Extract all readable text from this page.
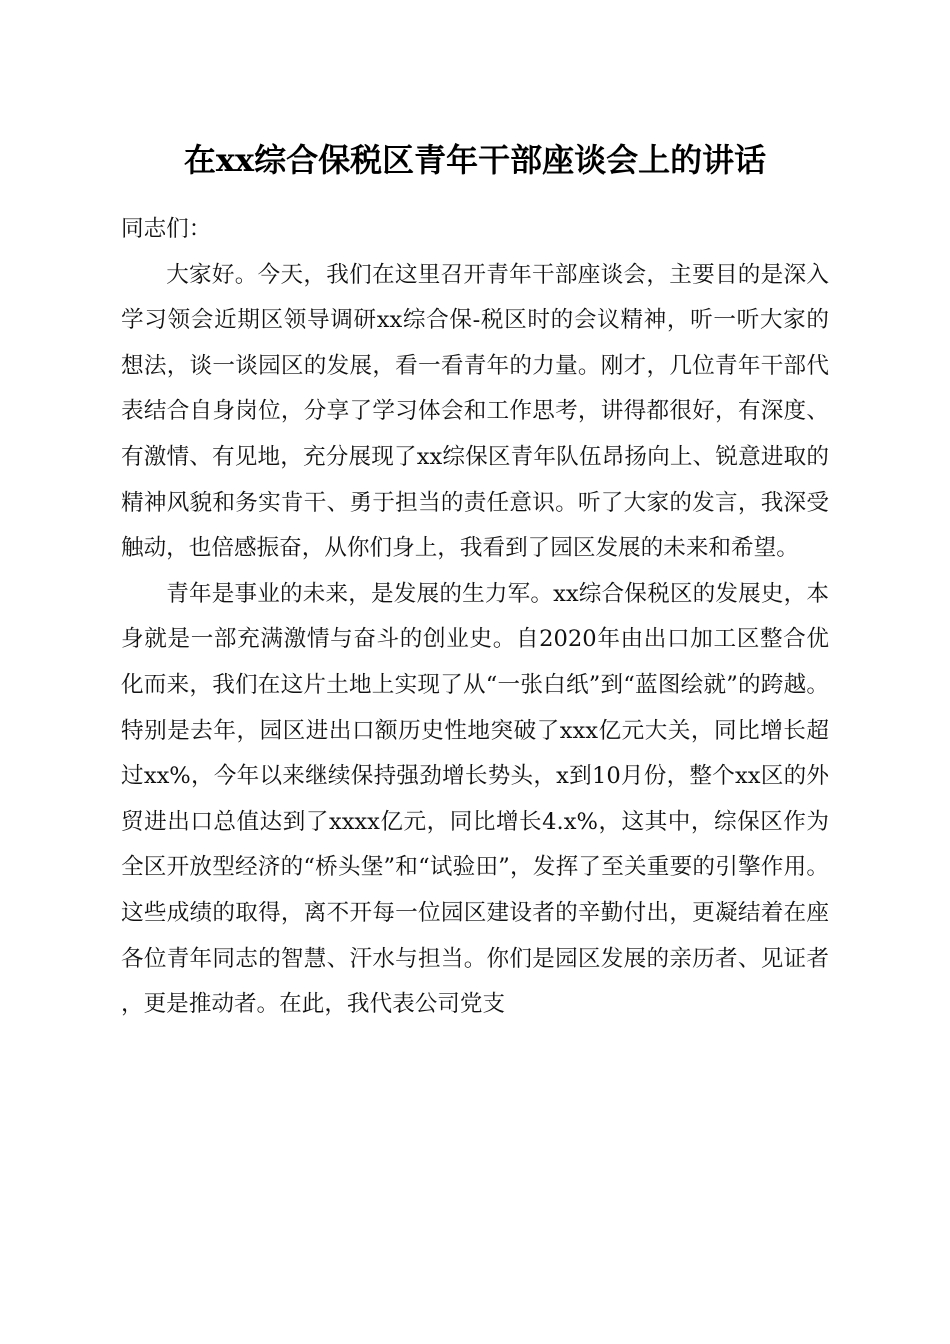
在xx综合保税区青年干部座谈会上的讲话

同志们：

大家好。今天，我们在这里召开青年干部座谈会，主要目的是深入学习领会近期区领导调研xx综合保-税区时的会议精神，听一听大家的想法，谈一谈园区的发展，看一看青年的力量。刚才，几位青年干部代表结合自身岗位，分享了学习体会和工作思考，讲得都很好，有深度、有激情、有见地，充分展现了xx综保区青年队伍昂扬向上、锐意进取的精神风貌和务实肯干、勇于担当的责任意识。听了大家的发言，我深受触动，也倍感振奋，从你们身上，我看到了园区发展的未来和希望。

青年是事业的未来，是发展的生力军。xx综合保税区的发展史，本身就是一部充满激情与奋斗的创业史。自2020年由出口加工区整合优化而来，我们在这片土地上实现了从“一张白纸”到“蓝图绘就”的跨越。特别是去年，园区进出口额历史性地突破了xxx亿元大关，同比增长超过xx%，今年以来继续保持强劲增长势头，x到10月份，整个xx区的外贸进出口总值达到了xxxx亿元，同比增长4.x%，这其中，综保区作为全区开放型经济的“桥头堡”和“试验田”，发挥了至关重要的引擎作用。这些成绩的取得，离不开每一位园区建设者的辛勤付出，更凝结着在座各位青年同志的智慧、汗水与担当。你们是园区发展的亲历者、见证者，更是推动者。在此，我代表公司党支
